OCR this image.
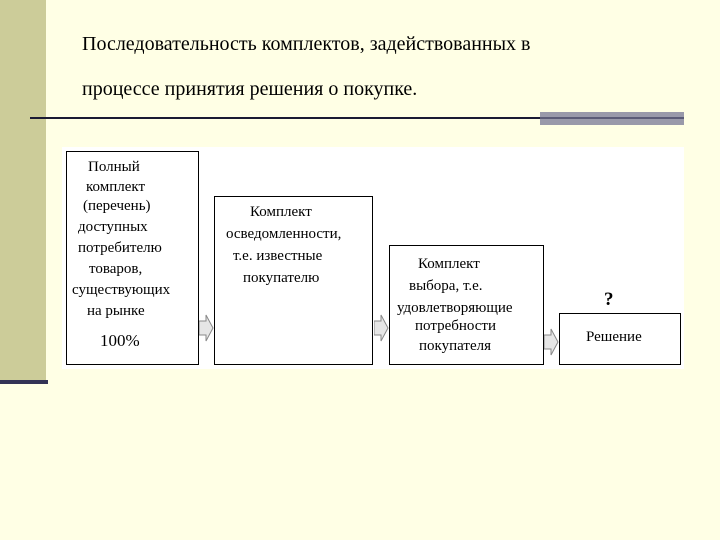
Последовательность комплектов, задействованных в
процессе принятия решения о покупке.
Полный
комплект
(перечень)
доступных
потребителю
товаров,
существующих
на рынке
100%
Комплект
осведомленности,
т.е. известные
покупателю
Комплект
выбора, т.е.
удовлетворяющие
потребности
покупателя
Решение
?
